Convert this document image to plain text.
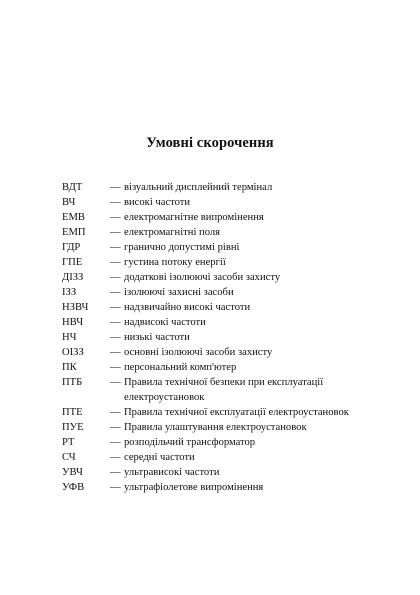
Умовні скорочення
ВДТ	— візуальний дисплейний термінал
ВЧ	— високі частоти
ЕМВ	— електромагнітне випромінення
ЕМП	— електромагнітні поля
ГДР	— гранично допустимі рівні
ГПЕ	— густина потоку енергії
ДІЗЗ	— додаткові ізолюючі засоби захисту
ІЗЗ	— ізолюючі захисні засоби
НЗВЧ	— надзвичайно високі частоти
НВЧ	— надвисокі частоти
НЧ	— низькі частоти
ОІЗЗ	— основні ізолюючі засоби захисту
ПК	— персональний комп'ютер
ПТБ	— Правила технічної безпеки при експлуатації електроустановок
ПТЕ	— Правила технічної експлуатації електроустановок
ПУЕ	— Правила улаштування електроустановок
РТ	— розподільчий трансформатор
СЧ	— середні частоти
УВЧ	— ультрависокі частоти
УФВ	— ультрафіолетове випромінення
